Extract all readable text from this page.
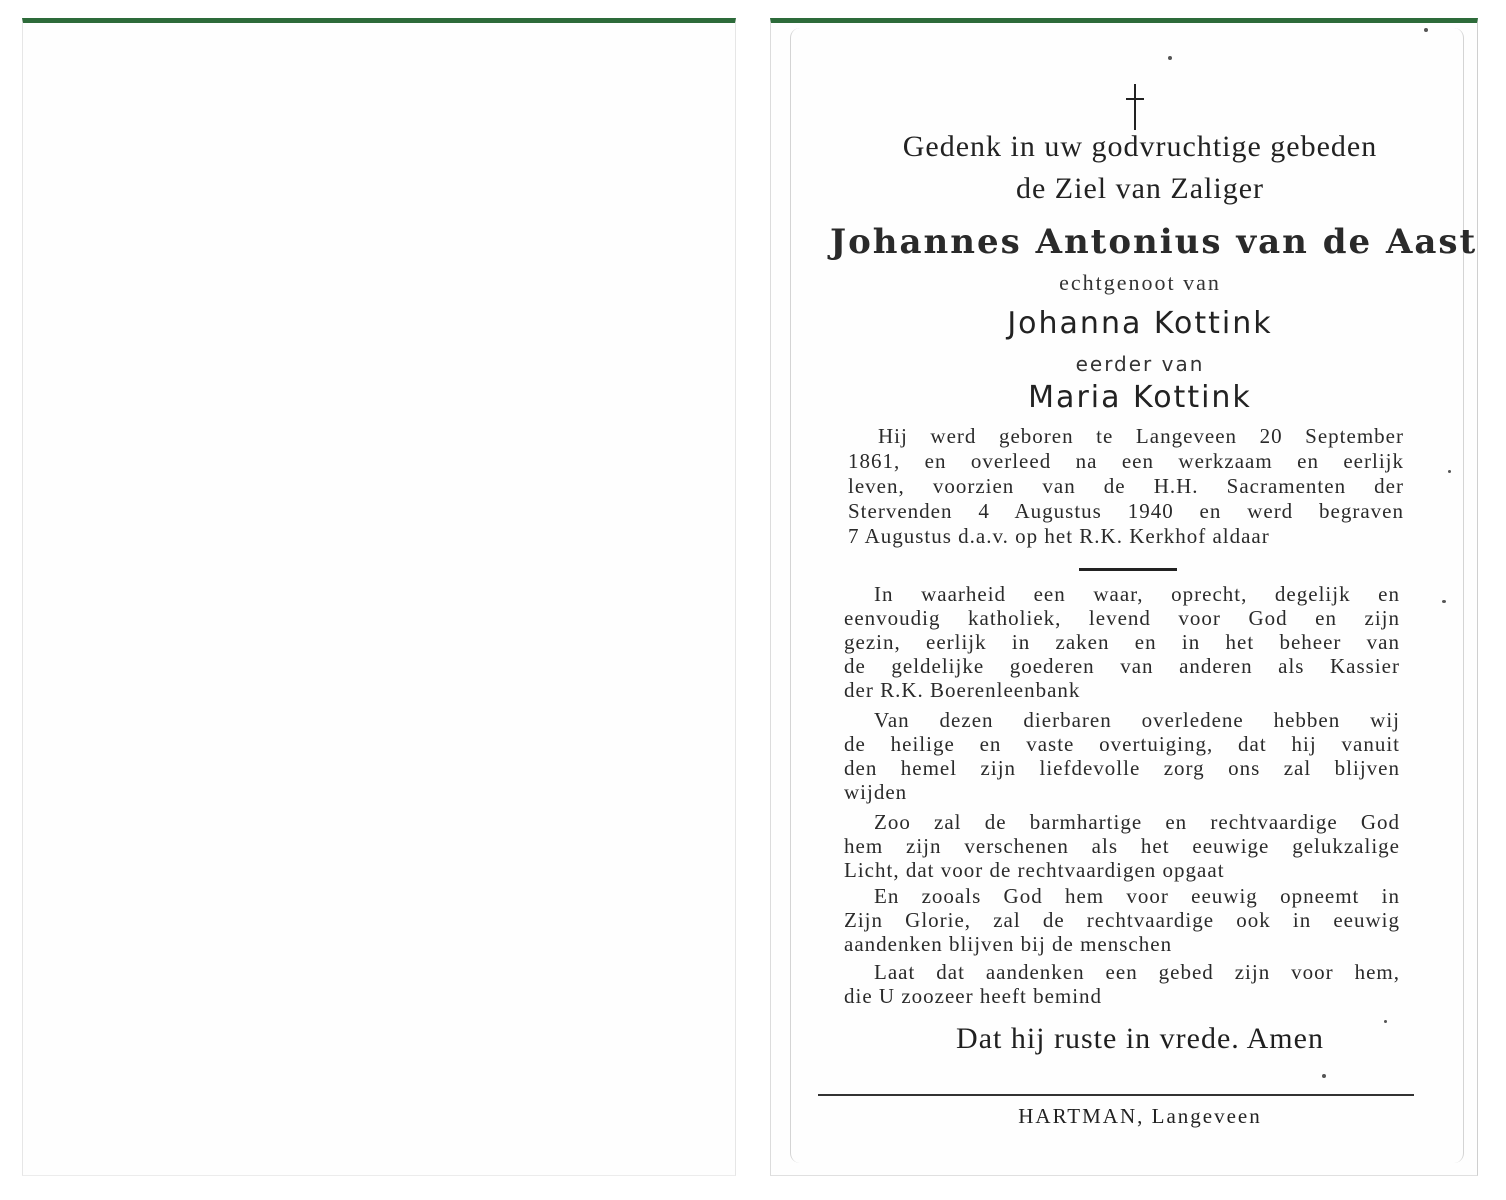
Gedenk in uw godvruchtige gebeden
de Ziel van Zaliger
Johannes Antonius van de Aast
echtgenoot van
Johanna Kottink
eerder van
Maria Kottink
Hij werd geboren te Langeveen 20 September
1861, en overleed na een werkzaam en eerlijk
leven, voorzien van de H.H. Sacramenten der
Stervenden 4 Augustus 1940 en werd begraven
7 Augustus d.a.v. op het R.K. Kerkhof aldaar
In waarheid een waar, oprecht, degelijk en
eenvoudig katholiek, levend voor God en zijn
gezin, eerlijk in zaken en in het beheer van
de geldelijke goederen van anderen als Kassier
der R.K. Boerenleenbank
Van dezen dierbaren overledene hebben wij
de heilige en vaste overtuiging, dat hij vanuit
den hemel zijn liefdevolle zorg ons zal blijven
wijden
Zoo zal de barmhartige en rechtvaardige God
hem zijn verschenen als het eeuwige gelukzalige
Licht, dat voor de rechtvaardigen opgaat
En zooals God hem voor eeuwig opneemt in
Zijn Glorie, zal de rechtvaardige ook in eeuwig
aandenken blijven bij de menschen
Laat dat aandenken een gebed zijn voor hem,
die U zoozeer heeft bemind
Dat hij ruste in vrede. Amen
HARTMAN, Langeveen
